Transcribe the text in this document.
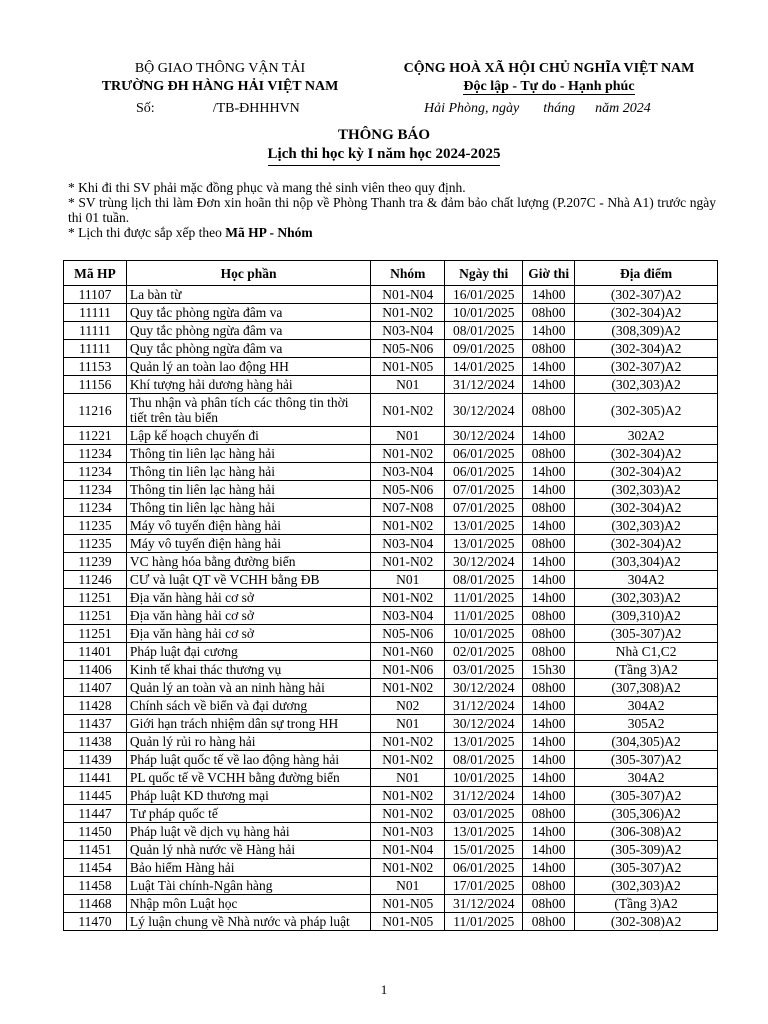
BỘ GIAO THÔNG VẬN TẢI
TRƯỜNG ĐH HÀNG HẢI VIỆT NAM
Số:	/TB-ĐHHHVN
CỘNG HOÀ XÃ HỘI CHỦ NGHĨA VIỆT NAM
Độc lập - Tự do - Hạnh phúc
Hải Phòng, ngày tháng năm 2024
THÔNG BÁO
Lịch thi học kỳ I năm học 2024-2025

* Khi đi thi SV phải mặc đồng phục và mang thẻ sinh viên theo quy định.

* SV trùng lịch thi làm Đơn xin hoãn thi nộp về Phòng Thanh tra & đảm bảo chất lượng (P.207C - Nhà A1) trước ngày thi 01 tuần.

* Lịch thi được sắp xếp theo Mã HP - Nhóm

Mã HP	Học phần	Nhóm	Ngày thi	Giờ thi	Địa điểm
11107	La bàn từ	N01-N04	16/01/2025	14h00	(302-307)A2
11111	Quy tắc phòng ngừa đâm va	N01-N02	10/01/2025	08h00	(302-304)A2
11111	Quy tắc phòng ngừa đâm va	N03-N04	08/01/2025	14h00	(308,309)A2
11111	Quy tắc phòng ngừa đâm va	N05-N06	09/01/2025	08h00	(302-304)A2
11153	Quản lý an toàn lao động HH	N01-N05	14/01/2025	14h00	(302-307)A2
11156	Khí tượng hải dương hàng hải	N01	31/12/2024	14h00	(302,303)A2
11216	Thu nhận và phân tích các thông tin thời tiết trên tàu biển	N01-N02	30/12/2024	08h00	(302-305)A2
11221	Lập kế hoạch chuyến đi	N01	30/12/2024	14h00	302A2
11234	Thông tin liên lạc hàng hải	N01-N02	06/01/2025	08h00	(302-304)A2
11234	Thông tin liên lạc hàng hải	N03-N04	06/01/2025	14h00	(302-304)A2
11234	Thông tin liên lạc hàng hải	N05-N06	07/01/2025	14h00	(302,303)A2
11234	Thông tin liên lạc hàng hải	N07-N08	07/01/2025	08h00	(302-304)A2
11235	Máy vô tuyến điện hàng hải	N01-N02	13/01/2025	14h00	(302,303)A2
11235	Máy vô tuyến điện hàng hải	N03-N04	13/01/2025	08h00	(302-304)A2
11239	VC hàng hóa bằng đường biển	N01-N02	30/12/2024	14h00	(303,304)A2
11246	CƯ và luật QT về VCHH bằng ĐB	N01	08/01/2025	14h00	304A2
11251	Địa văn hàng hải cơ sở	N01-N02	11/01/2025	14h00	(302,303)A2
11251	Địa văn hàng hải cơ sở	N03-N04	11/01/2025	08h00	(309,310)A2
11251	Địa văn hàng hải cơ sở	N05-N06	10/01/2025	08h00	(305-307)A2
11401	Pháp luật đại cương	N01-N60	02/01/2025	08h00	Nhà C1,C2
11406	Kinh tế khai thác thương vụ	N01-N06	03/01/2025	15h30	(Tầng 3)A2
11407	Quản lý an toàn và an ninh hàng hải	N01-N02	30/12/2024	08h00	(307,308)A2
11428	Chính sách về biển và đại dương	N02	31/12/2024	14h00	304A2
11437	Giới hạn trách nhiệm dân sự trong HH	N01	30/12/2024	14h00	305A2
11438	Quản lý rủi ro hàng hải	N01-N02	13/01/2025	14h00	(304,305)A2
11439	Pháp luật quốc tế về lao động hàng hải	N01-N02	08/01/2025	14h00	(305-307)A2
11441	PL quốc tế về VCHH bằng đường biển	N01	10/01/2025	14h00	304A2
11445	Pháp luật KD thương mại	N01-N02	31/12/2024	14h00	(305-307)A2
11447	Tư pháp quốc tế	N01-N02	03/01/2025	08h00	(305,306)A2
11450	Pháp luật về dịch vụ hàng hải	N01-N03	13/01/2025	14h00	(306-308)A2
11451	Quản lý nhà nước về Hàng hải	N01-N04	15/01/2025	14h00	(305-309)A2
11454	Bảo hiểm Hàng hải	N01-N02	06/01/2025	14h00	(305-307)A2
11458	Luật Tài chính-Ngân hàng	N01	17/01/2025	08h00	(302,303)A2
11468	Nhập môn Luật học	N01-N05	31/12/2024	08h00	(Tầng 3)A2
11470	Lý luận chung về Nhà nước và pháp luật	N01-N05	11/01/2025	08h00	(302-308)A2
1
